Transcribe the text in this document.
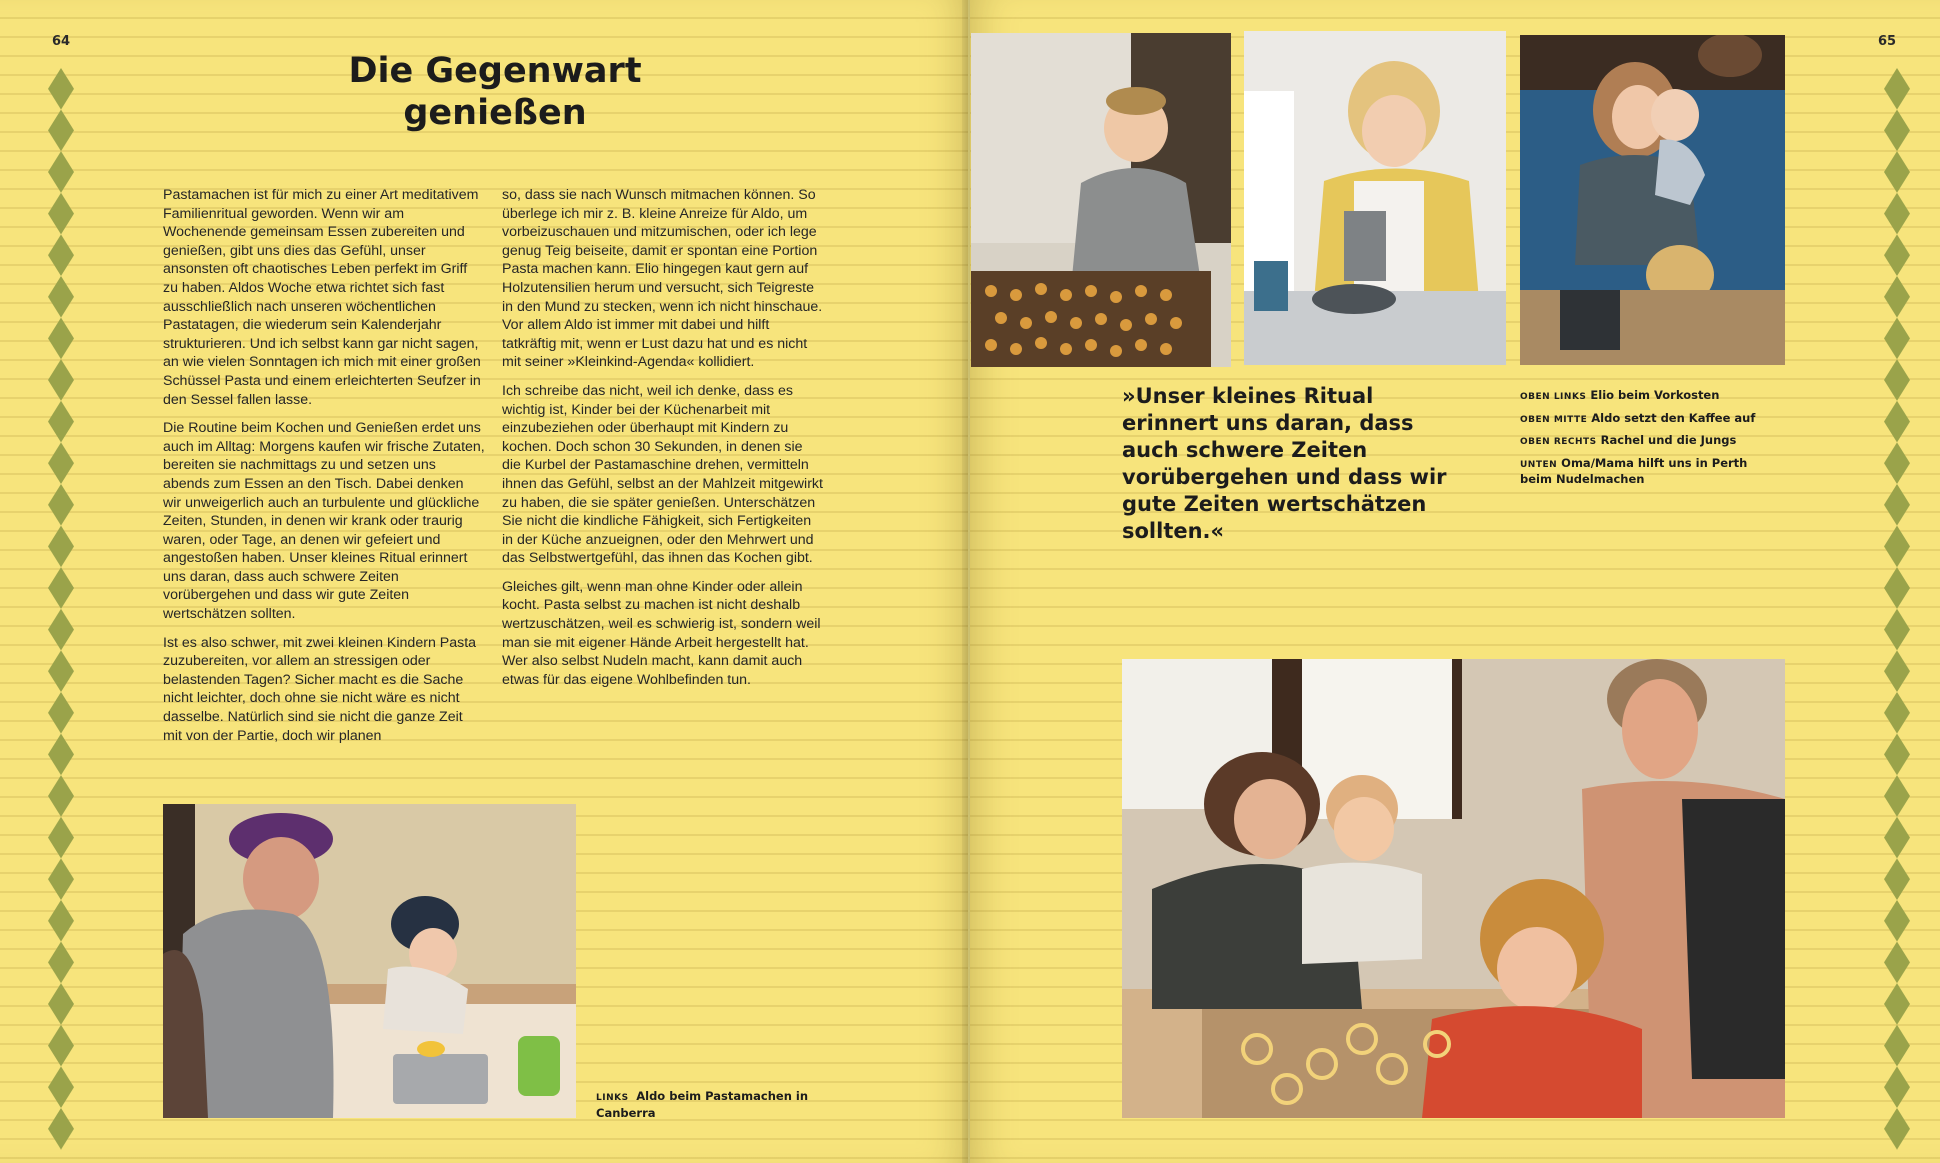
64
Die Gegenwart
genießen

Pastamachen ist für mich zu einer Art meditativem Familienritual geworden. Wenn wir am Wochenende gemeinsam Essen zubereiten und genießen, gibt uns dies das Gefühl, unser ansonsten oft chaotisches Leben perfekt im Griff zu haben. Aldos Woche etwa richtet sich fast ausschließlich nach unseren wöchentlichen Pastatagen, die wiederum sein Kalenderjahr strukturieren. Und ich selbst kann gar nicht sagen, an wie vielen Sonntagen ich mich mit einer großen Schüssel Pasta und einem erleichterten Seufzer in den Sessel fallen lasse.

Die Routine beim Kochen und Genießen erdet uns auch im Alltag: Morgens kaufen wir frische Zutaten, bereiten sie nachmittags zu und setzen uns abends zum Essen an den Tisch. Dabei denken wir unweigerlich auch an turbulente und glückliche Zeiten, Stunden, in denen wir krank oder traurig waren, oder Tage, an denen wir gefeiert und angestoßen haben. Unser kleines Ritual erinnert uns daran, dass auch schwere Zeiten vorübergehen und dass wir gute Zeiten wertschätzen sollten.

Ist es also schwer, mit zwei kleinen Kindern Pasta zuzubereiten, vor allem an stressigen oder belastenden Tagen? Sicher macht es die Sache nicht leichter, doch ohne sie nicht wäre es nicht dasselbe. Natürlich sind sie nicht die ganze Zeit mit von der Partie, doch wir planen

so, dass sie nach Wunsch mitmachen können. So überlege ich mir z. B. kleine Anreize für Aldo, um vorbeizuschauen und mitzumischen, oder ich lege genug Teig beiseite, damit er spontan eine Portion Pasta machen kann. Elio hingegen kaut gern auf Holzutensilien herum und versucht, sich Teigreste in den Mund zu stecken, wenn ich nicht hinschaue. Vor allem Aldo ist immer mit dabei und hilft tatkräftig mit, wenn er Lust dazu hat und es nicht mit seiner »Kleinkind-Agenda« kollidiert.

Ich schreibe das nicht, weil ich denke, dass es wichtig ist, Kinder bei der Küchenarbeit mit einzubeziehen oder überhaupt mit Kindern zu kochen. Doch schon 30 Sekunden, in denen sie die Kurbel der Pastamaschine drehen, vermitteln ihnen das Gefühl, selbst an der Mahlzeit mitgewirkt zu haben, die sie später genießen. Unterschätzen Sie nicht die kindliche Fähigkeit, sich Fertigkeiten in der Küche anzueignen, oder den Mehrwert und das Selbstwertgefühl, das ihnen das Kochen gibt.

Gleiches gilt, wenn man ohne Kinder oder allein kocht. Pasta selbst zu machen ist nicht deshalb wertzuschätzen, weil es schwierig ist, sondern weil man sie mit eigener Hände Arbeit hergestellt hat. Wer also selbst Nudeln macht, kann damit auch etwas für das eigene Wohlbefinden tun.

LINKS Aldo beim Pastamachen in Canberra
65
»Unser kleines Ritual erinnert uns daran, dass auch schwere Zeiten vorübergehen und dass wir gute Zeiten wertschätzen sollten.«
OBEN LINKS Elio beim Vorkosten
OBEN MITTE Aldo setzt den Kaffee auf
OBEN RECHTS Rachel und die Jungs
UNTEN Oma/Mama hilft uns in Perth beim Nudelmachen
